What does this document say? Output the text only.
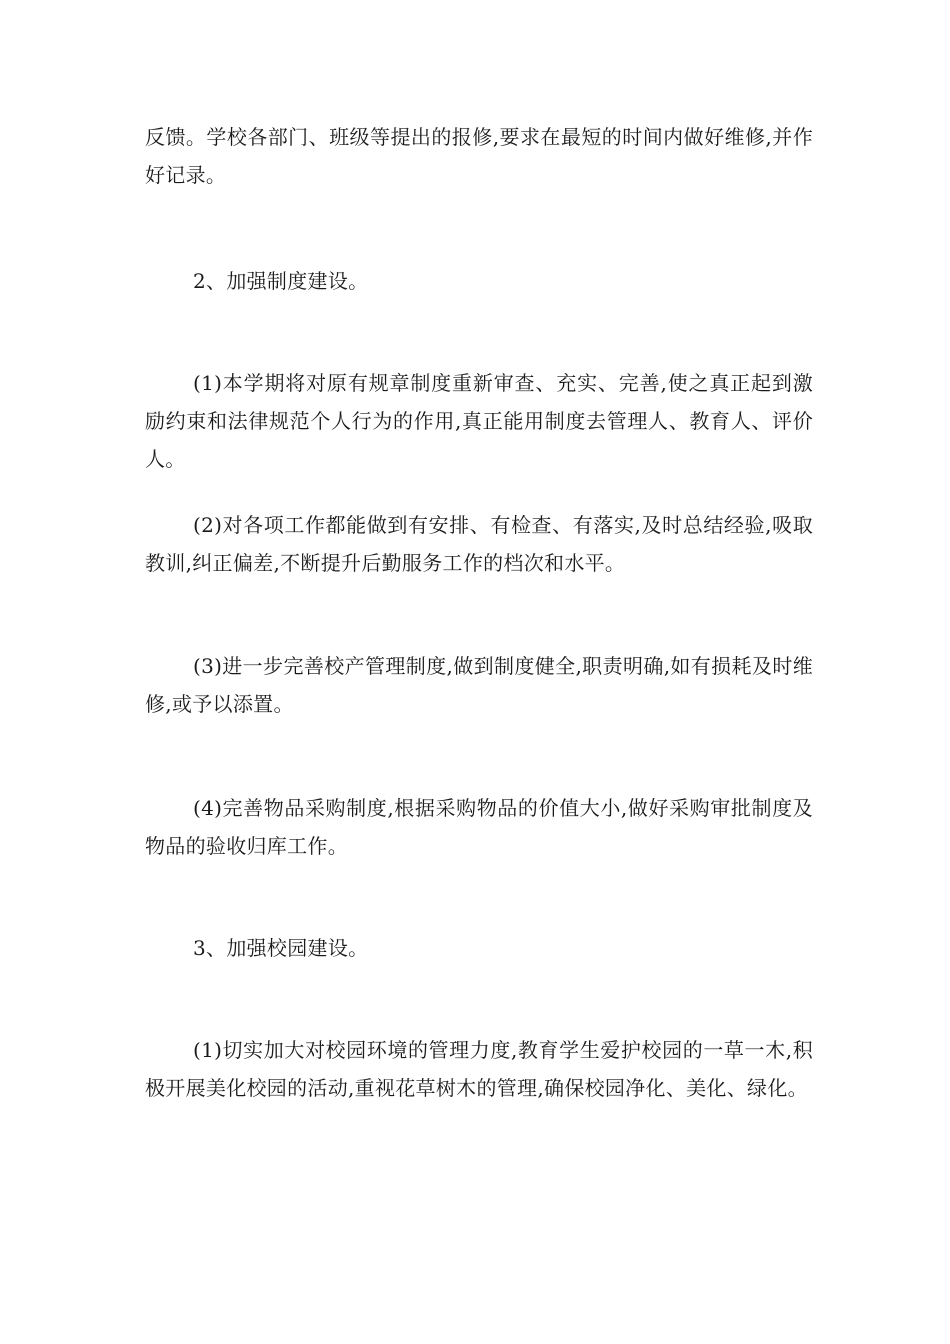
反馈。学校各部门、班级等提出的报修,要求在最短的时间内做好维修,并作好记录。

2、加强制度建设。

(1)本学期将对原有规章制度重新审查、充实、完善,使之真正起到激励约束和法律规范个人行为的作用,真正能用制度去管理人、教育人、评价人。

(2)对各项工作都能做到有安排、有检查、有落实,及时总结经验,吸取教训,纠正偏差,不断提升后勤服务工作的档次和水平。

(3)进一步完善校产管理制度,做到制度健全,职责明确,如有损耗及时维修,或予以添置。

(4)完善物品采购制度,根据采购物品的价值大小,做好采购审批制度及物品的验收归库工作。

3、加强校园建设。

(1)切实加大对校园环境的管理力度,教育学生爱护校园的一草一木,积极开展美化校园的活动,重视花草树木的管理,确保校园净化、美化、绿化。
